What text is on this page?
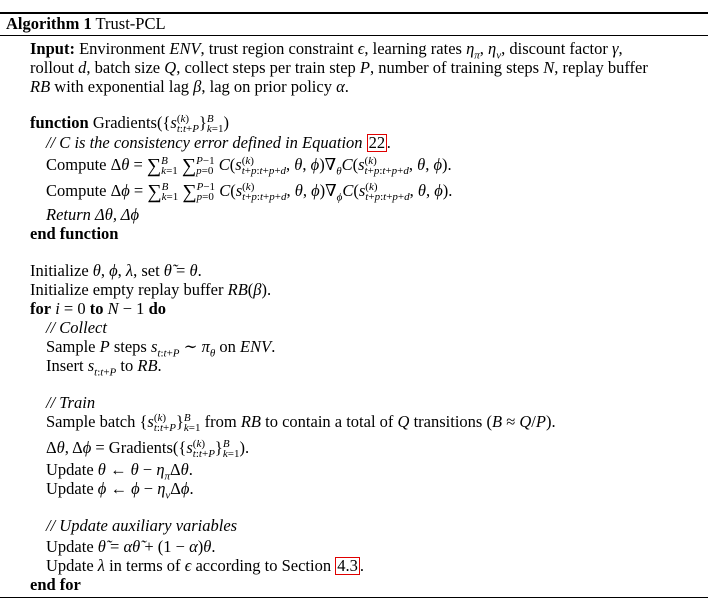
Algorithm 1 Trust-PCL
Input: Environment ENV, trust region constraint ϵ, learning rates $\eta_\pi$, $\eta_v$, discount factor γ,
rollout d, batch size Q, collect steps per train step P, number of training steps N, replay buffer
RB with exponential lag β, lag on prior policy α.
function Gradients({s (k)
t:t+P } B
k=1 )
// C is the consistency error defined in Equation 22 .
Compute Δθ = ∑ B
k=1 ∑ P−1
p=0 C(s (k)
t+p:t+p+d , θ, $\phi)\nabla_\theta C(s$ (k)
t+p:t+p+d , θ, ϕ).
Compute Δϕ = ∑ B
k=1 ∑ P−1
p=0 C(s (k)
t+p:t+p+d , θ, $\phi)\nabla_\phi C(s$ (k)
t+p:t+p+d , θ, ϕ).
Return Δθ, Δϕ
end function
Initialize θ, ϕ, λ, set θ̃ = θ.
Initialize empty replay buffer RB(β).
for i = 0 to N − 1 do
// Collect
Sample P steps $s_{t:t+P}$ ∼ $\pi_\theta$ on ENV.
Insert $s_{t:t+P}$ to RB.
// Train
Sample batch {s (k)
t:t+P } B
k=1 from RB to contain a total of Q transitions (B ≈ Q/P).
Δθ, Δϕ = Gradients({s (k)
t:t+P } B
k=1 ).
Update θ ← $\theta - \eta_\pi\Delta\theta$.
Update ϕ ← $\phi - \eta_v\Delta\phi$.
// Update auxiliary variables
Update θ̃ = αθ̃ + (1 − α)θ.
Update λ in terms of ϵ according to Section 4.3 .
end for
